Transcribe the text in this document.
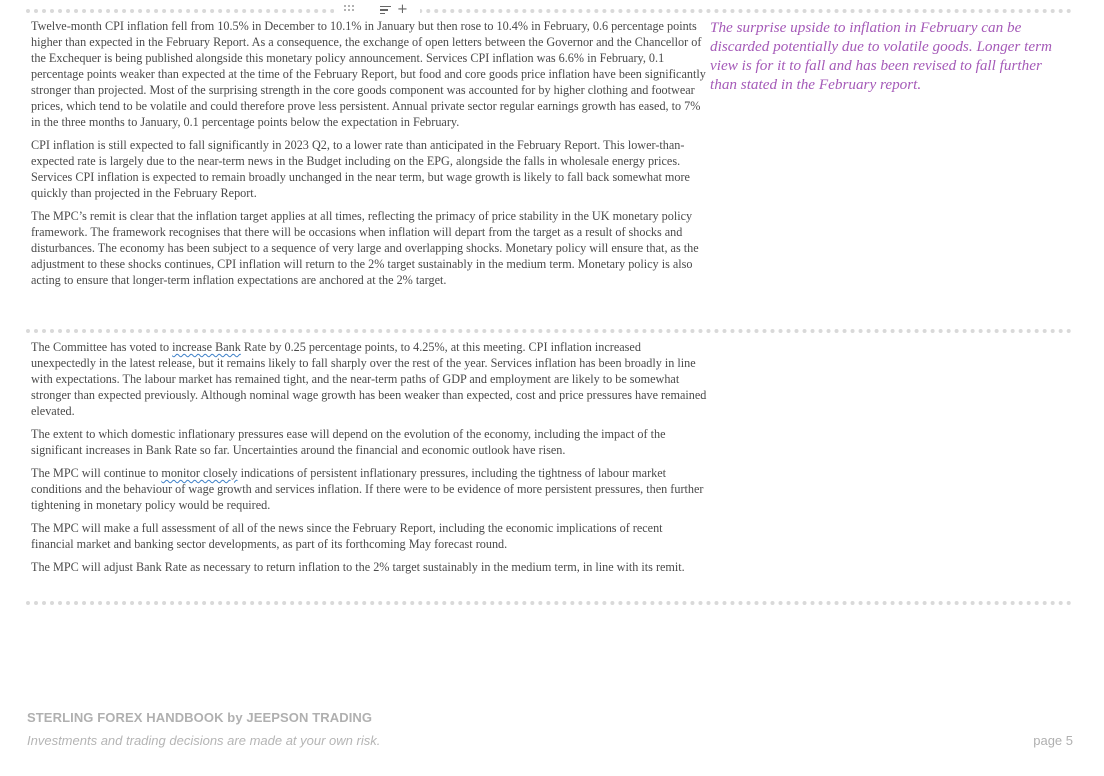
+

Twelve-month CPI inflation fell from 10.5% in December to 10.1% in January but then rose to 10.4% in February, 0.6 percentage points higher than expected in the February Report. As a consequence, the exchange of open letters between the Governor and the Chancellor of the Exchequer is being published alongside this monetary policy announcement. Services CPI inflation was 6.6% in February, 0.1 percentage points weaker than expected at the time of the February Report, but food and core goods price inflation have been significantly stronger than projected. Most of the surprising strength in the core goods component was accounted for by higher clothing and footwear prices, which tend to be volatile and could therefore prove less persistent. Annual private sector regular earnings growth has eased, to 7% in the three months to January, 0.1 percentage points below the expectation in February.

CPI inflation is still expected to fall significantly in 2023 Q2, to a lower rate than anticipated in the February Report. This lower-than-expected rate is largely due to the near-term news in the Budget including on the EPG, alongside the falls in wholesale energy prices. Services CPI inflation is expected to remain broadly unchanged in the near term, but wage growth is likely to fall back somewhat more quickly than projected in the February Report.

The MPC’s remit is clear that the inflation target applies at all times, reflecting the primacy of price stability in the UK monetary policy framework. The framework recognises that there will be occasions when inflation will depart from the target as a result of shocks and disturbances. The economy has been subject to a sequence of very large and overlapping shocks. Monetary policy will ensure that, as the adjustment to these shocks continues, CPI inflation will return to the 2% target sustainably in the medium term. Monetary policy is also acting to ensure that longer-term inflation expectations are anchored at the 2% target.

The surprise upside to inflation in February can be discarded potentially due to volatile goods. Longer term view is for it to fall and has been revised to fall further than stated in the February report.

The Committee has voted to increase Bank Rate by 0.25 percentage points, to 4.25%, at this meeting. CPI inflation increased unexpectedly in the latest release, but it remains likely to fall sharply over the rest of the year. Services inflation has been broadly in line with expectations. The labour market has remained tight, and the near-term paths of GDP and employment are likely to be somewhat stronger than expected previously. Although nominal wage growth has been weaker than expected, cost and price pressures have remained elevated.

The extent to which domestic inflationary pressures ease will depend on the evolution of the economy, including the impact of the significant increases in Bank Rate so far. Uncertainties around the financial and economic outlook have risen.

The MPC will continue to monitor closely indications of persistent inflationary pressures, including the tightness of labour market conditions and the behaviour of wage growth and services inflation. If there were to be evidence of more persistent pressures, then further tightening in monetary policy would be required.

The MPC will make a full assessment of all of the news since the February Report, including the economic implications of recent financial market and banking sector developments, as part of its forthcoming May forecast round.

The MPC will adjust Bank Rate as necessary to return inflation to the 2% target sustainably in the medium term, in line with its remit.

STERLING FOREX HANDBOOK by JEEPSON TRADING
Investments and trading decisions are made at your own risk.	page 5
